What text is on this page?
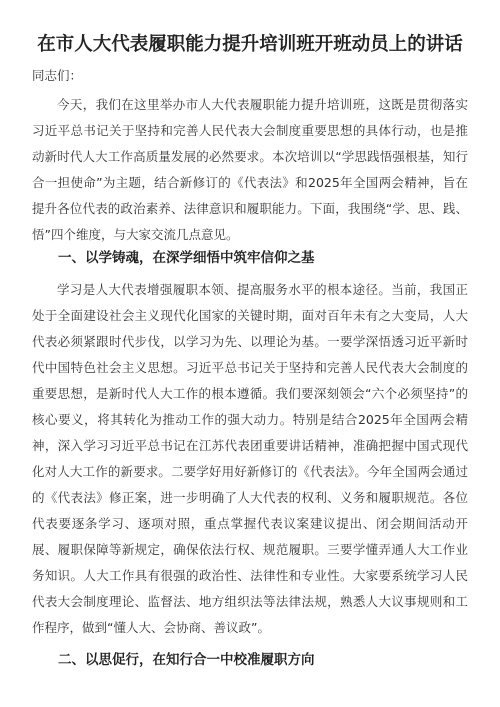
在市人大代表履职能力提升培训班开班动员上的讲话
同志们：

今天，我们在这里举办市人大代表履职能力提升培训班，这既是贯彻落实习近平总书记关于坚持和完善人民代表大会制度重要思想的具体行动，也是推动新时代人大工作高质量发展的必然要求。本次培训以“学思践悟强根基，知行合一担使命”为主题，结合新修订的《代表法》和2025年全国两会精神，旨在提升各位代表的政治素养、法律意识和履职能力。下面，我围绕“学、思、践、悟”四个维度，与大家交流几点意见。

一、以学铸魂，在深学细悟中筑牢信仰之基

学习是人大代表增强履职本领、提高服务水平的根本途径。当前，我国正处于全面建设社会主义现代化国家的关键时期，面对百年未有之大变局，人大代表必须紧跟时代步伐，以学习为先、以理论为基。一要学深悟透习近平新时代中国特色社会主义思想。习近平总书记关于坚持和完善人民代表大会制度的重要思想，是新时代人大工作的根本遵循。我们要深刻领会“六个必须坚持”的核心要义，将其转化为推动工作的强大动力。特别是结合2025年全国两会精神，深入学习习近平总书记在江苏代表团重要讲话精神，准确把握中国式现代化对人大工作的新要求。二要学好用好新修订的《代表法》。今年全国两会通过的《代表法》修正案，进一步明确了人大代表的权利、义务和履职规范。各位代表要逐条学习、逐项对照，重点掌握代表议案建议提出、闭会期间活动开展、履职保障等新规定，确保依法行权、规范履职。三要学懂弄通人大工作业务知识。人大工作具有很强的政治性、法律性和专业性。大家要系统学习人民代表大会制度理论、监督法、地方组织法等法律法规，熟悉人大议事规则和工作程序，做到“懂人大、会协商、善议政”。

二、以思促行，在知行合一中校准履职方向
